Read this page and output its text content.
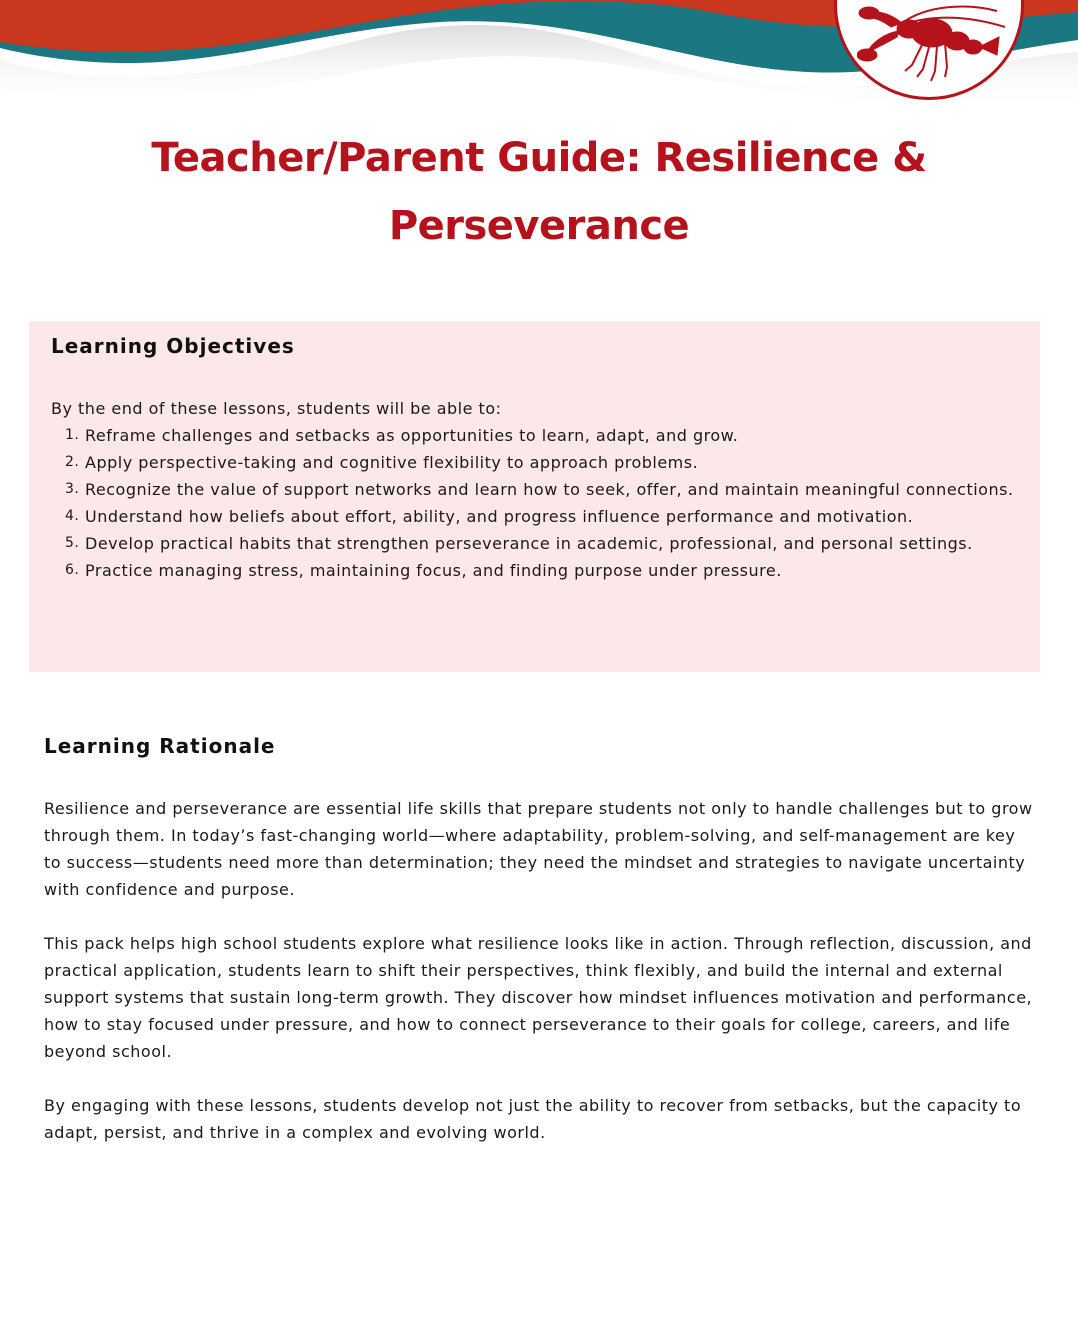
Teacher/Parent Guide: Resilience & Perseverance
Learning Objectives

By the end of these lessons, students will be able to:

1. Reframe challenges and setbacks as opportunities to learn, adapt, and grow.
2. Apply perspective-taking and cognitive flexibility to approach problems.
3. Recognize the value of support networks and learn how to seek, offer, and maintain meaningful connections.
4. Understand how beliefs about effort, ability, and progress influence performance and motivation.
5. Develop practical habits that strengthen perseverance in academic, professional, and personal settings.
6. Practice managing stress, maintaining focus, and finding purpose under pressure.
Learning Rationale

Resilience and perseverance are essential life skills that prepare students not only to handle challenges but to grow through them. In today’s fast-changing world—where adaptability, problem-solving, and self-management are key to success—students need more than determination; they need the mindset and strategies to navigate uncertainty with confidence and purpose.

This pack helps high school students explore what resilience looks like in action. Through reflection, discussion, and practical application, students learn to shift their perspectives, think flexibly, and build the internal and external support systems that sustain long-term growth. They discover how mindset influences motivation and performance, how to stay focused under pressure, and how to connect perseverance to their goals for college, careers, and life beyond school.

By engaging with these lessons, students develop not just the ability to recover from setbacks, but the capacity to adapt, persist, and thrive in a complex and evolving world.
